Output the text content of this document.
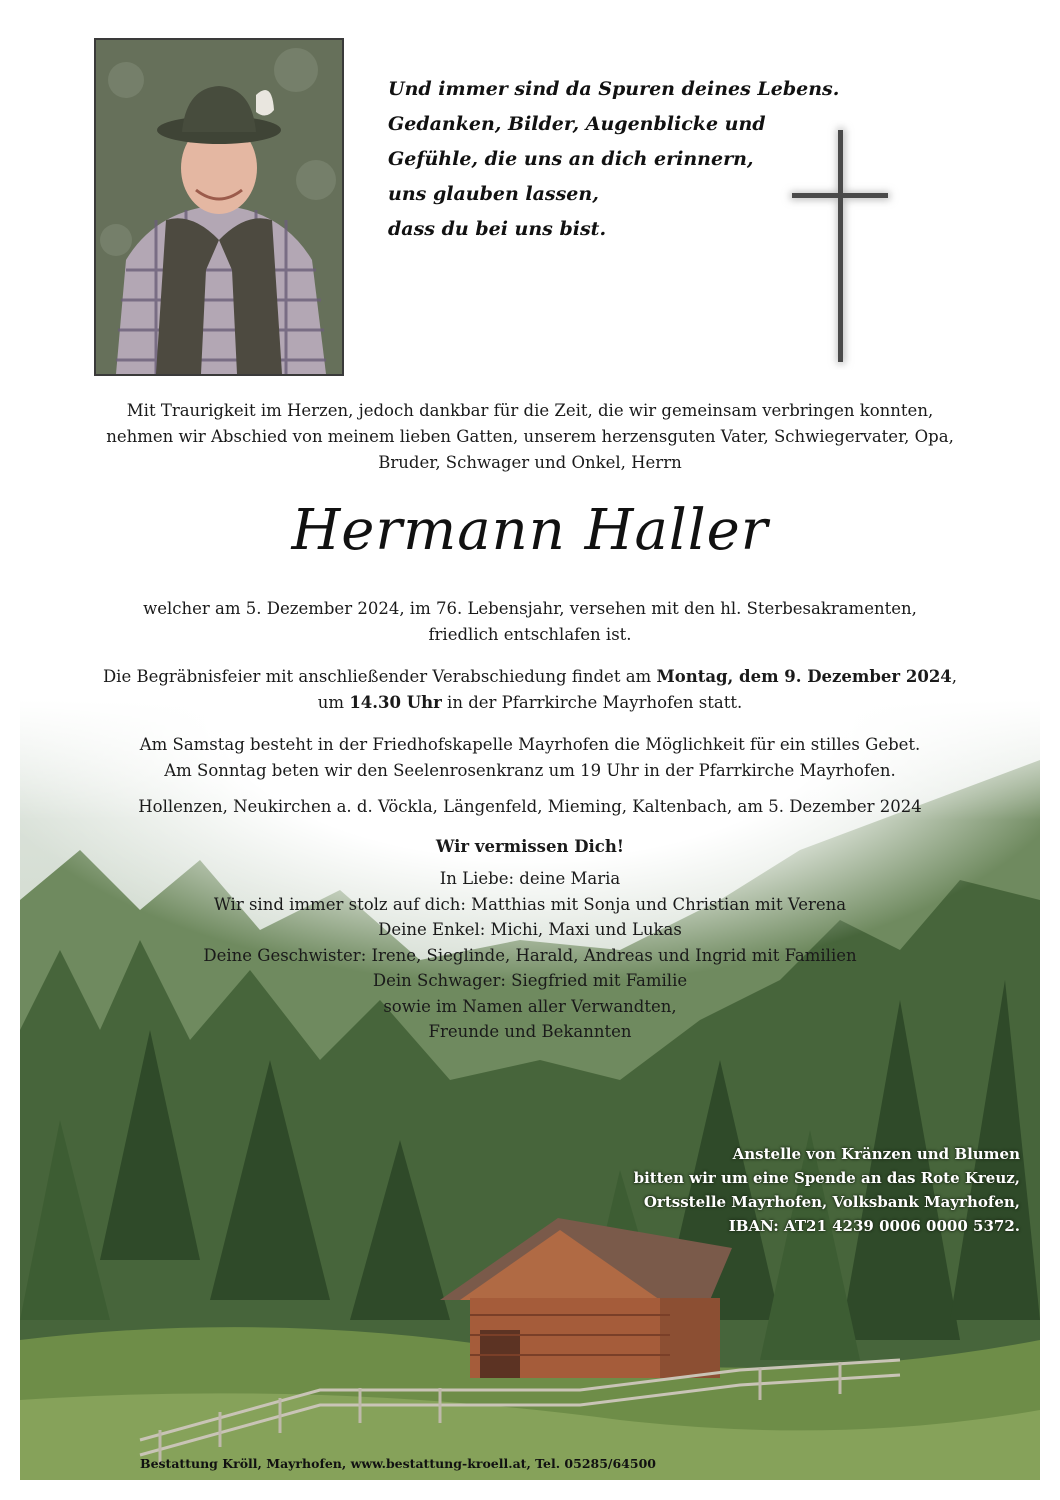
Und immer sind da Spuren deines Lebens.
Gedanken, Bilder, Augenblicke und
Gefühle, die uns an dich erinnern,
uns glauben lassen,
dass du bei uns bist.
Mit Traurigkeit im Herzen, jedoch dankbar für die Zeit, die wir gemeinsam verbringen konnten,
nehmen wir Abschied von meinem lieben Gatten, unserem herzensguten Vater, Schwiegervater, Opa,
Bruder, Schwager und Onkel, Herrn
Hermann Haller
welcher am 5. Dezember 2024, im 76. Lebensjahr, versehen mit den hl. Sterbesakramenten,
friedlich entschlafen ist.
Die Begräbnisfeier mit anschließender Verabschiedung findet am Montag, dem 9. Dezember 2024,
um 14.30 Uhr in der Pfarrkirche Mayrhofen statt.
Am Samstag besteht in der Friedhofskapelle Mayrhofen die Möglichkeit für ein stilles Gebet.
Am Sonntag beten wir den Seelenrosenkranz um 19 Uhr in der Pfarrkirche Mayrhofen.
Hollenzen, Neukirchen a. d. Vöckla, Längenfeld, Mieming, Kaltenbach, am 5. Dezember 2024
Wir vermissen Dich!
In Liebe: deine Maria
Wir sind immer stolz auf dich: Matthias mit Sonja und Christian mit Verena
Deine Enkel: Michi, Maxi und Lukas
Deine Geschwister: Irene, Sieglinde, Harald, Andreas und Ingrid mit Familien
Dein Schwager: Siegfried mit Familie
sowie im Namen aller Verwandten,
Freunde und Bekannten
Anstelle von Kränzen und Blumen
bitten wir um eine Spende an das Rote Kreuz,
Ortsstelle Mayrhofen, Volksbank Mayrhofen,
IBAN: AT21 4239 0006 0000 5372.
Bestattung Kröll, Mayrhofen, www.bestattung-kroell.at, Tel. 05285/64500
